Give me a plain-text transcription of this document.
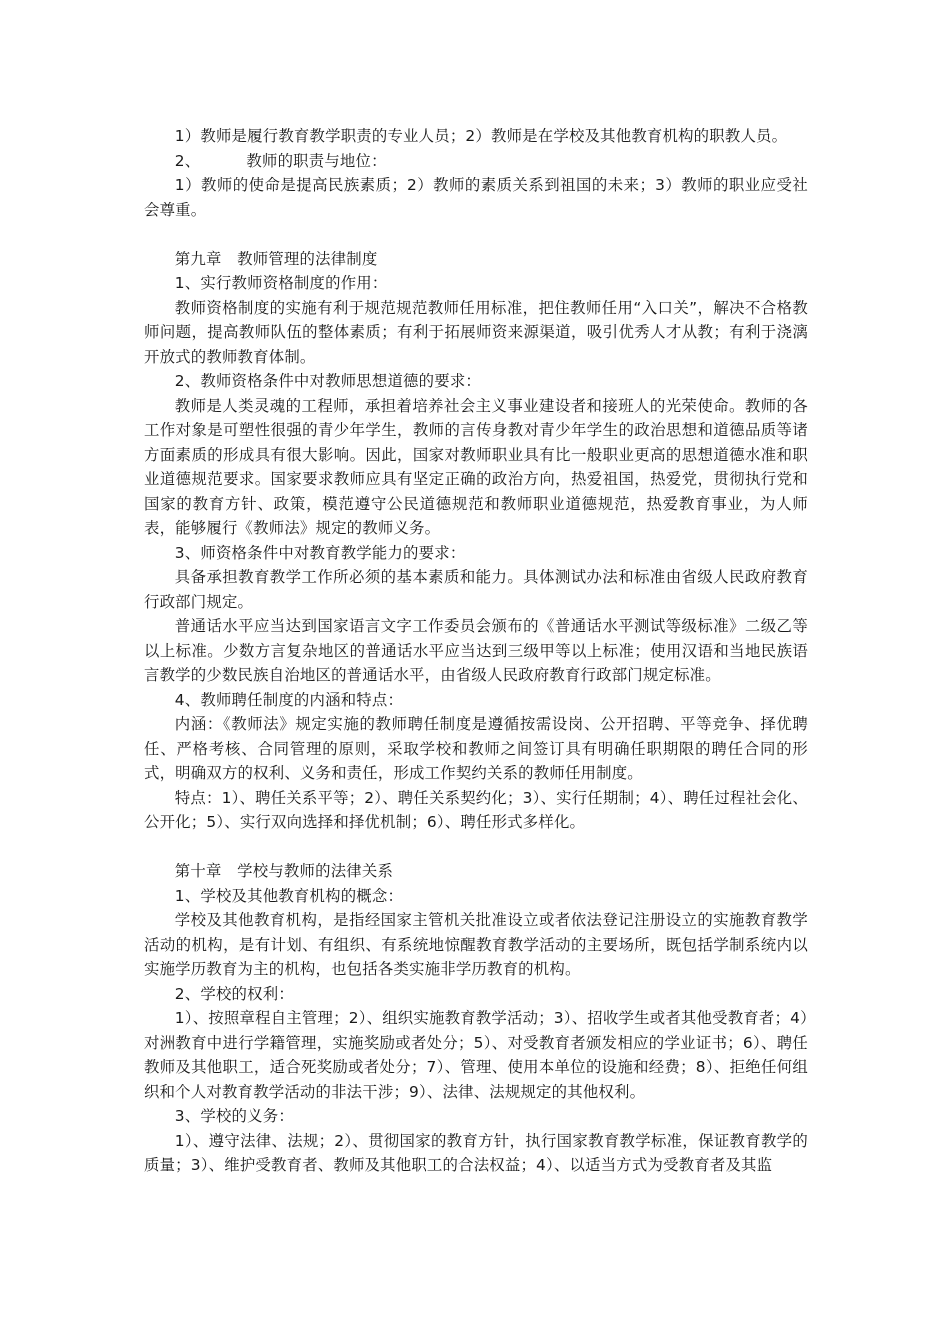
1）教师是履行教育教学职责的专业人员；2）教师是在学校及其他教育机构的职教人员。

2、	教师的职责与地位：

1）教师的使命是提高民族素质；2）教师的素质关系到祖国的未来；3）教师的职业应受社会尊重。

第九章　教师管理的法律制度

1、实行教师资格制度的作用：

教师资格制度的实施有利于规范规范教师任用标准，把住教师任用“入口关”，解决不合格教师问题，提高教师队伍的整体素质；有利于拓展师资来源渠道，吸引优秀人才从教；有利于浇漓开放式的教师教育体制。

2、教师资格条件中对教师思想道德的要求：

教师是人类灵魂的工程师，承担着培养社会主义事业建设者和接班人的光荣使命。教师的各工作对象是可塑性很强的青少年学生，教师的言传身教对青少年学生的政治思想和道德品质等诸方面素质的形成具有很大影响。因此，国家对教师职业具有比一般职业更高的思想道德水准和职业道德规范要求。国家要求教师应具有坚定正确的政治方向，热爱祖国，热爱党，贯彻执行党和国家的教育方针、政策，模范遵守公民道德规范和教师职业道德规范，热爱教育事业，为人师表，能够履行《教师法》规定的教师义务。

3、师资格条件中对教育教学能力的要求：

具备承担教育教学工作所必须的基本素质和能力。具体测试办法和标准由省级人民政府教育行政部门规定。

普通话水平应当达到国家语言文字工作委员会颁布的《普通话水平测试等级标准》二级乙等以上标准。少数方言复杂地区的普通话水平应当达到三级甲等以上标准；使用汉语和当地民族语言教学的少数民族自治地区的普通话水平，由省级人民政府教育行政部门规定标准。

4、教师聘任制度的内涵和特点：

内涵：《教师法》规定实施的教师聘任制度是遵循按需设岗、公开招聘、平等竞争、择优聘任、严格考核、合同管理的原则，采取学校和教师之间签订具有明确任职期限的聘任合同的形式，明确双方的权利、义务和责任，形成工作契约关系的教师任用制度。

特点：1）、聘任关系平等；2）、聘任关系契约化；3）、实行任期制；4）、聘任过程社会化、公开化；5）、实行双向选择和择优机制；6）、聘任形式多样化。

第十章　学校与教师的法律关系

1、学校及其他教育机构的概念：

学校及其他教育机构，是指经国家主管机关批准设立或者依法登记注册设立的实施教育教学活动的机构，是有计划、有组织、有系统地惊醒教育教学活动的主要场所，既包括学制系统内以实施学历教育为主的机构，也包括各类实施非学历教育的机构。

2、学校的权利：

1）、按照章程自主管理；2）、组织实施教育教学活动；3）、招收学生或者其他受教育者；4）对洲教育中进行学籍管理，实施奖励或者处分；5）、对受教育者颁发相应的学业证书；6）、聘任教师及其他职工，适合死奖励或者处分；7）、管理、使用本单位的设施和经费；8）、拒绝任何组织和个人对教育教学活动的非法干涉；9）、法律、法规规定的其他权利。

3、学校的义务：

1）、遵守法律、法规；2）、贯彻国家的教育方针，执行国家教育教学标准，保证教育教学的质量；3）、维护受教育者、教师及其他职工的合法权益；4）、以适当方式为受教育者及其监
